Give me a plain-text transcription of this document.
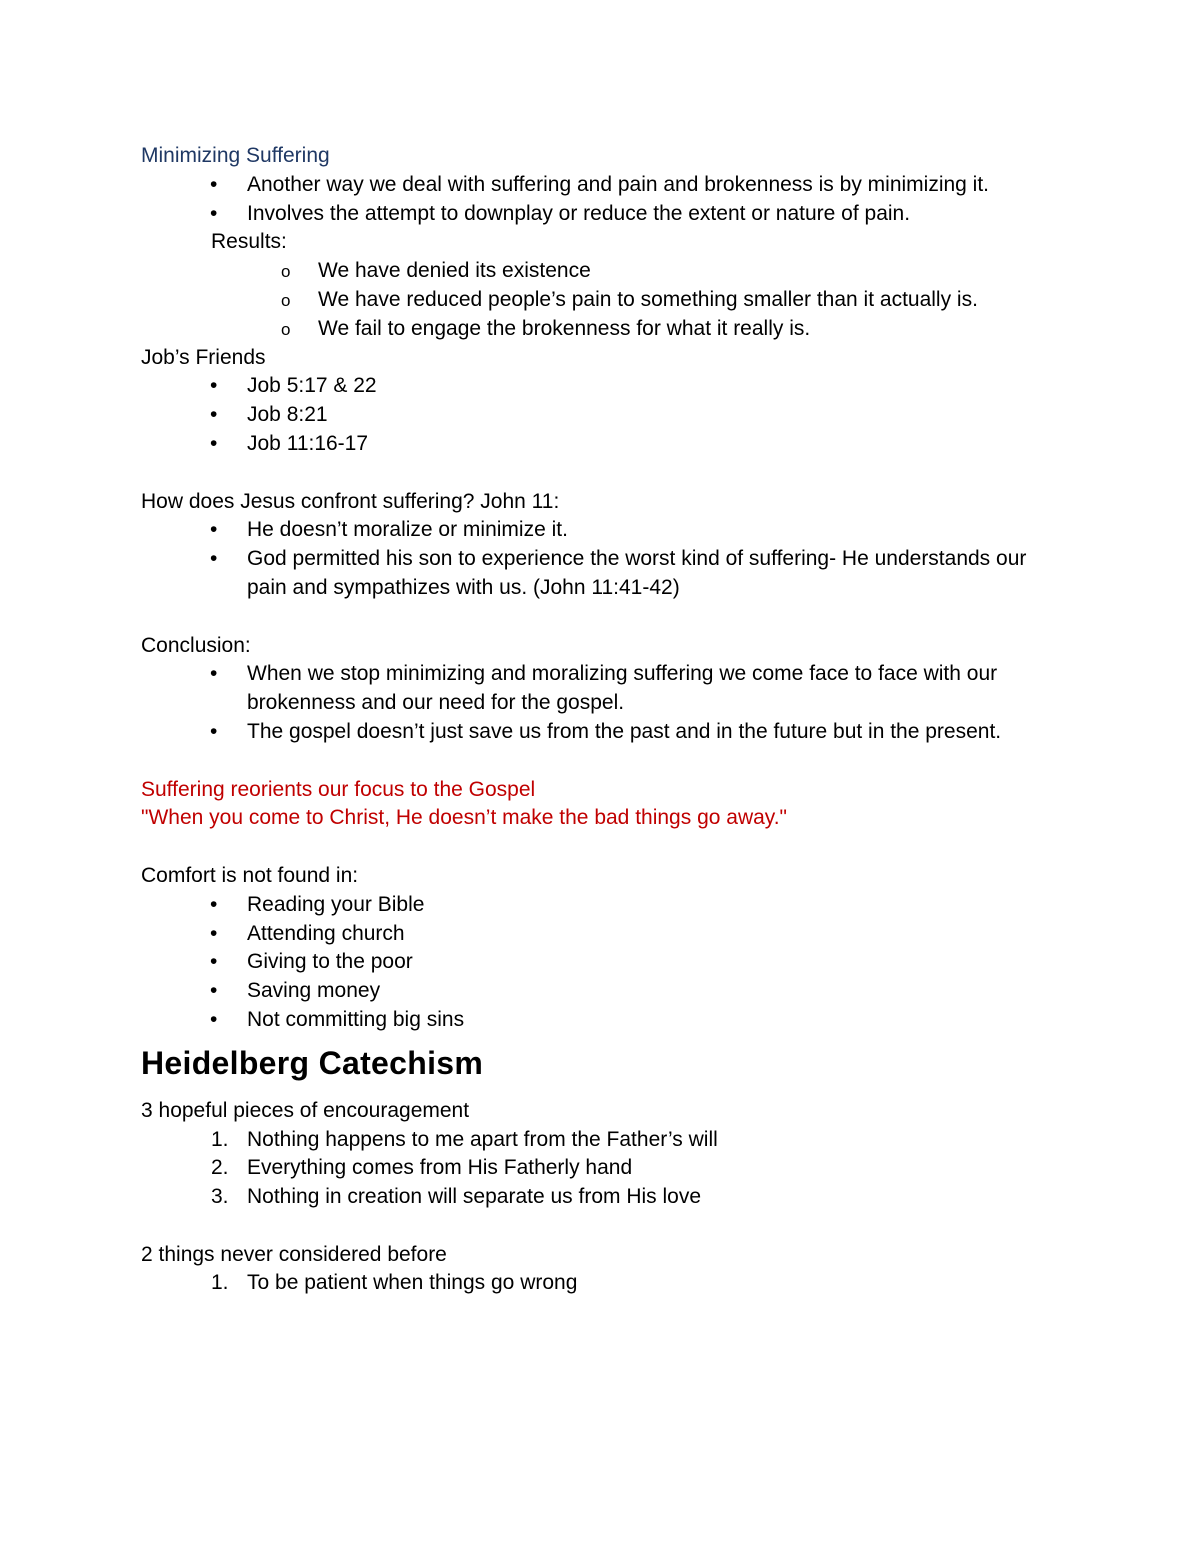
Minimizing Suffering
• Another way we deal with suffering and pain and brokenness is by minimizing it.
• Involves the attempt to downplay or reduce the extent or nature of pain.
Results:
o We have denied its existence
o We have reduced people’s pain to something smaller than it actually is.
o We fail to engage the brokenness for what it really is.
Job’s Friends
• Job 5:17 & 22
• Job 8:21
• Job 11:16-17
How does Jesus confront suffering? John 11:
• He doesn’t moralize or minimize it.
• God permitted his son to experience the worst kind of suffering- He understands our pain and sympathizes with us. (John 11:41-42)
Conclusion:
• When we stop minimizing and moralizing suffering we come face to face with our brokenness and our need for the gospel.
• The gospel doesn’t just save us from the past and in the future but in the present.
Suffering reorients our focus to the Gospel
"When you come to Christ, He doesn’t make the bad things go away."
Comfort is not found in:
• Reading your Bible
• Attending church
• Giving to the poor
• Saving money
• Not committing big sins
Heidelberg Catechism
3 hopeful pieces of encouragement
1. Nothing happens to me apart from the Father’s will
2. Everything comes from His Fatherly hand
3. Nothing in creation will separate us from His love
2 things never considered before
1. To be patient when things go wrong
